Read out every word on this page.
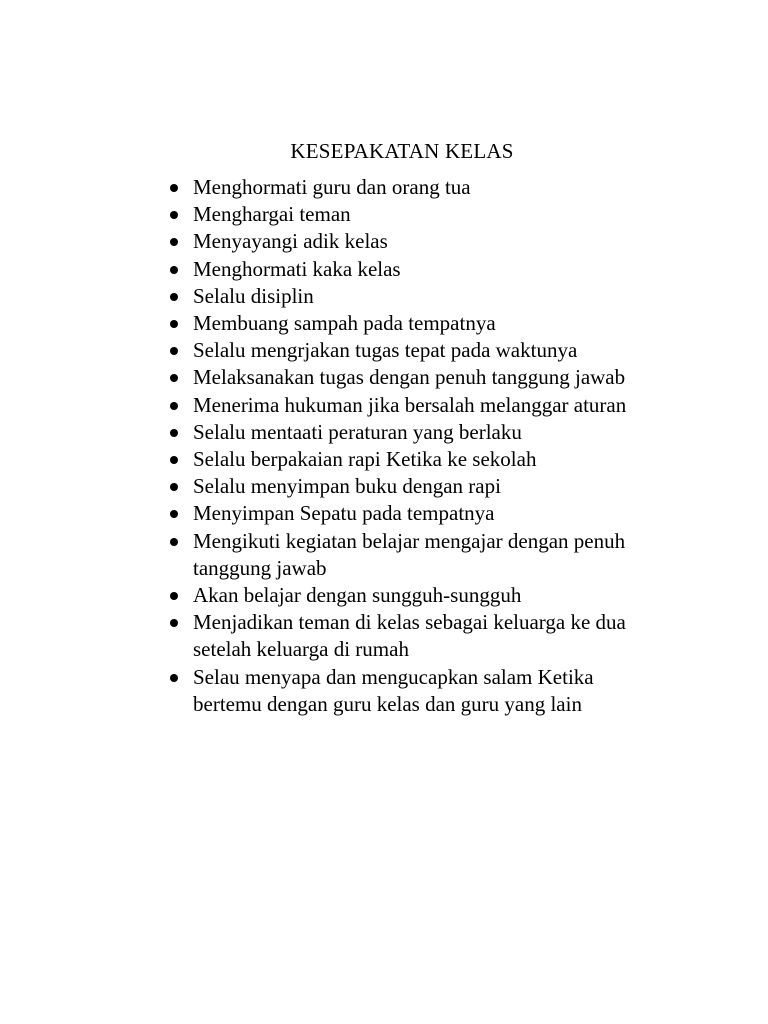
KESEPAKATAN KELAS
Menghormati guru dan orang tua
Menghargai teman
Menyayangi adik kelas
Menghormati kaka kelas
Selalu disiplin
Membuang sampah pada tempatnya
Selalu mengrjakan tugas tepat pada waktunya
Melaksanakan tugas dengan penuh tanggung jawab
Menerima hukuman jika bersalah melanggar aturan
Selalu mentaati peraturan yang berlaku
Selalu berpakaian rapi Ketika ke sekolah
Selalu menyimpan buku dengan rapi
Menyimpan Sepatu pada tempatnya
Mengikuti kegiatan belajar mengajar dengan penuh tanggung jawab
Akan belajar dengan sungguh-sungguh
Menjadikan teman di kelas sebagai keluarga ke dua setelah keluarga di rumah
Selau menyapa dan mengucapkan salam Ketika bertemu dengan guru kelas dan guru yang lain
